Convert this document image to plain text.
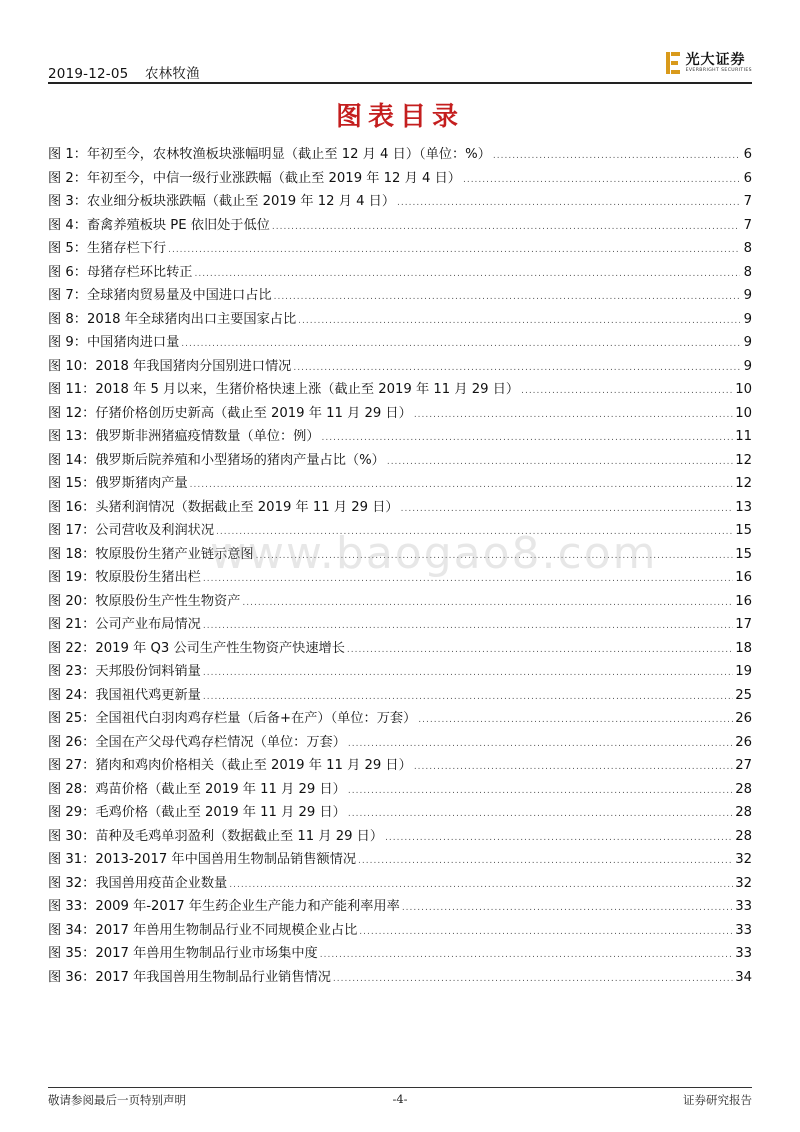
2019-12-05 农林牧渔
光大证券
EVERBRIGHT SECURITIES
图表目录
图 1：年初至今，农林牧渔板块涨幅明显（截止至 12 月 4 日）（单位：%） .....	6
图 2：年初至今，中信一级行业涨跌幅（截止至 2019 年 12 月 4 日） .....	6
图 3：农业细分板块涨跌幅（截止至 2019 年 12 月 4 日） .....	7
图 4：畜禽养殖板块 PE 依旧处于低位 .....	7
图 5：生猪存栏下行 .....	8
图 6：母猪存栏环比转正 .....	8
图 7：全球猪肉贸易量及中国进口占比 .....	9
图 8：2018 年全球猪肉出口主要国家占比 .....	9
图 9：中国猪肉进口量 .....	9
图 10：2018 年我国猪肉分国别进口情况 .....	9
图 11：2018 年 5 月以来，生猪价格快速上涨（截止至 2019 年 11 月 29 日） .....	10
图 12：仔猪价格创历史新高（截止至 2019 年 11 月 29 日） .....	10
图 13：俄罗斯非洲猪瘟疫情数量（单位：例） .....	11
图 14：俄罗斯后院养殖和小型猪场的猪肉产量占比（%） .....	12
图 15：俄罗斯猪肉产量 .....	12
图 16：头猪利润情况（数据截止至 2019 年 11 月 29 日） .....	13
图 17：公司营收及利润状况 .....	15
图 18：牧原股份生猪产业链示意图 .....	15
图 19：牧原股份生猪出栏 .....	16
图 20：牧原股份生产性生物资产 .....	16
图 21：公司产业布局情况 .....	17
图 22：2019 年 Q3 公司生产性生物资产快速增长 .....	18
图 23：天邦股份饲料销量 .....	19
图 24：我国祖代鸡更新量 .....	25
图 25：全国祖代白羽肉鸡存栏量（后备+在产）（单位：万套） .....	26
图 26：全国在产父母代鸡存栏情况（单位：万套） .....	26
图 27：猪肉和鸡肉价格相关（截止至 2019 年 11 月 29 日） .....	27
图 28：鸡苗价格（截止至 2019 年 11 月 29 日） .....	28
图 29：毛鸡价格（截止至 2019 年 11 月 29 日） .....	28
图 30：苗种及毛鸡单羽盈利（数据截止至 11 月 29 日） .....	28
图 31：2013-2017 年中国兽用生物制品销售额情况 .....	32
图 32：我国兽用疫苗企业数量 .....	32
图 33：2009 年-2017 年生药企业生产能力和产能利率用率 .....	33
图 34：2017 年兽用生物制品行业不同规模企业占比 .....	33
图 35：2017 年兽用生物制品行业市场集中度 .....	33
图 36：2017 年我国兽用生物制品行业销售情况 .....	34
www.baogao8.com
敬请参阅最后一页特别声明	-4-	证券研究报告
